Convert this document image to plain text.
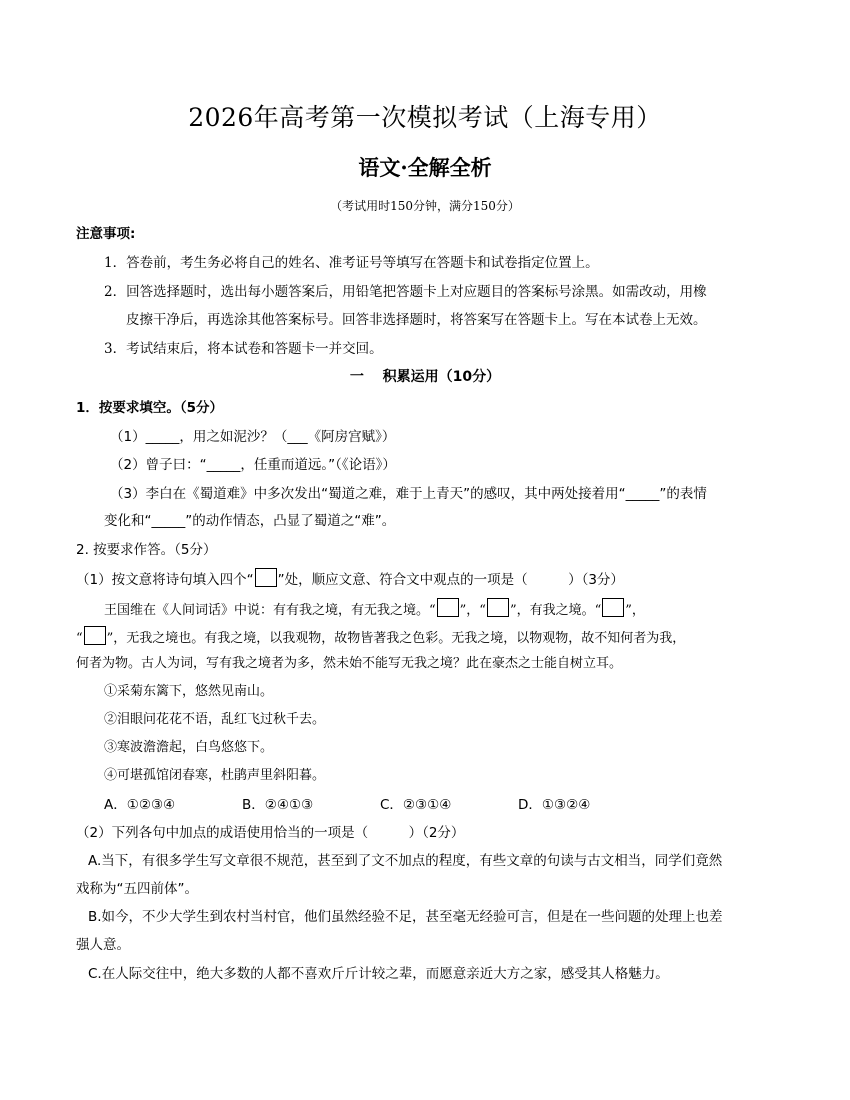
2026年高考第一次模拟考试（上海专用）
语文·全解全析
（考试用时150分钟，满分150分）
注意事项:
1．答卷前，考生务必将自己的姓名、准考证号等填写在答题卡和试卷指定位置上。
2．回答选择题时，选出每小题答案后，用铅笔把答题卡上对应题目的答案标号涂黑。如需改动，用橡
皮擦干净后，再选涂其他答案标号。回答非选择题时，将答案写在答题卡上。写在本试卷上无效。
3．考试结束后，将本试卷和答题卡一并交回。
一　 积累运用（10分）
1．按要求填空。（5分）
（1）_____，用之如泥沙？（___《阿房宫赋》）
（2）曾子曰：“_____，任重而道远。”（《论语》）
（3）李白在《蜀道难》中多次发出“蜀道之难，难于上青天”的感叹，其中两处接着用“_____”的表情
变化和“_____”的动作情态，凸显了蜀道之“难”。
2. 按要求作答。（5分）
（1）按文意将诗句填入四个“ ”处，顺应文意、符合文中观点的一项是（　　　）（3分）
王国维在《人间词话》中说：有有我之境，有无我之境。“ ”，“ ”，有我之境。“ ”，
“ ”，无我之境也。有我之境，以我观物，故物皆著我之色彩。无我之境，以物观物，故不知何者为我，
何者为物。古人为词，写有我之境者为多，然未始不能写无我之境？此在豪杰之士能自树立耳。
①采菊东篱下，悠然见南山。
②泪眼问花花不语，乱红飞过秋千去。
③寒波澹澹起，白鸟悠悠下。
④可堪孤馆闭春寒，杜鹃声里斜阳暮。
A．①②③④	B．②④①③	C．②③①④	D．①③②④
（2）下列各句中加点的成语使用恰当的一项是（　　　）（2分）
A.当下，有很多学生写文章很不规范，甚至到了文不加点的程度，有些文章的句读与古文相当，同学们竟然
戏称为“五四前体”。
B.如今，不少大学生到农村当村官，他们虽然经验不足，甚至毫无经验可言，但是在一些问题的处理上也差
强人意。
C.在人际交往中，绝大多数的人都不喜欢斤斤计较之辈，而愿意亲近大方之家，感受其人格魅力。
